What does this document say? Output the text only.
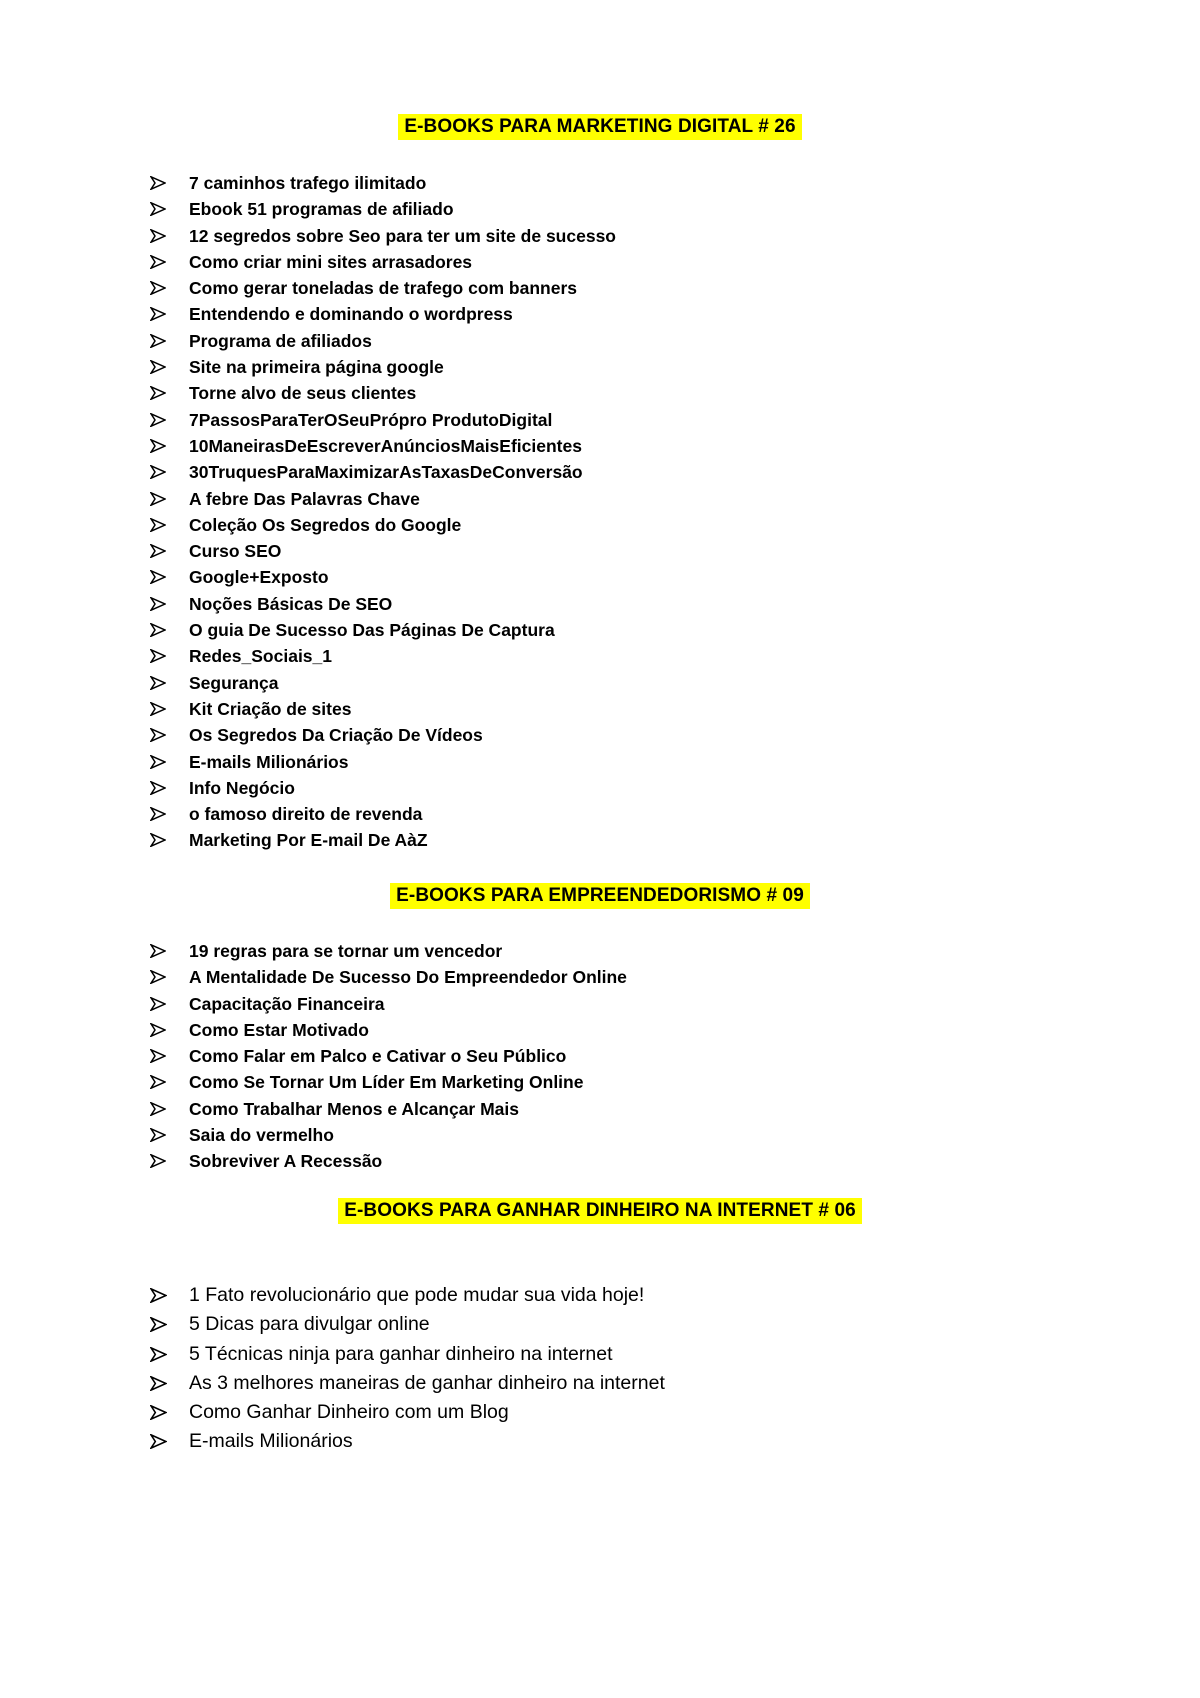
E-BOOKS PARA MARKETING DIGITAL # 26
7 caminhos trafego ilimitado
Ebook 51 programas de afiliado
12 segredos sobre Seo para ter um site de sucesso
Como criar mini sites arrasadores
Como gerar toneladas de trafego com banners
Entendendo e dominando o wordpress
Programa de afiliados
Site na primeira página google
Torne alvo de seus clientes
7PassosParaTerOSeuPrópro ProdutoDigital
10ManeirasDeEscreverAnúnciosMaisEficientes
30TruquesParaMaximizarAsTaxasDeConversão
A febre Das Palavras Chave
Coleção Os Segredos do Google
Curso SEO
Google+Exposto
Noções Básicas De SEO
O guia De Sucesso Das Páginas De Captura
Redes_Sociais_1
Segurança
Kit Criação de sites
Os Segredos Da Criação De Vídeos
E-mails Milionários
Info Negócio
o famoso direito de revenda
Marketing Por E-mail De AàZ
E-BOOKS PARA EMPREENDEDORISMO # 09
19 regras para se tornar um vencedor
A Mentalidade De Sucesso Do Empreendedor Online
Capacitação Financeira
Como Estar Motivado
Como Falar em Palco e Cativar o Seu Público
Como Se Tornar Um Líder Em Marketing Online
Como Trabalhar Menos e Alcançar Mais
Saia do vermelho
Sobreviver A Recessão
E-BOOKS PARA GANHAR DINHEIRO NA INTERNET # 06
1 Fato revolucionário que pode mudar sua vida hoje!
5 Dicas para divulgar online
5 Técnicas ninja para ganhar dinheiro na internet
As 3 melhores maneiras de ganhar dinheiro na internet
Como Ganhar Dinheiro com um Blog
E-mails Milionários
